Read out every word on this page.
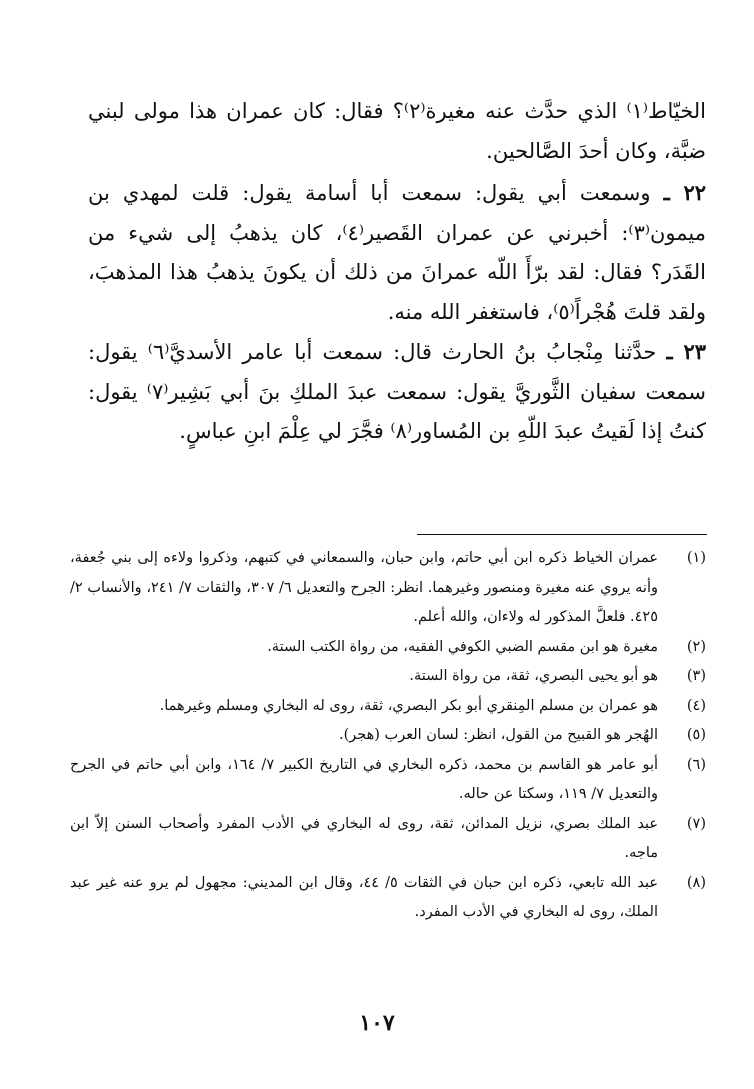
الخيّاط⁽١⁾ الذي حدَّث عنه مغيرة⁽٢⁾؟ فقال: كان عمران هذا مولى لبني ضبَّة، وكان أحدَ الصَّالحين.

٢٢ ـ وسمعت أبي يقول: سمعت أبا أسامة يقول: قلت لمهدي بن ميمون⁽٣⁾: أخبرني عن عمران القَصير⁽٤⁾، كان يذهبُ إلى شيء من القَدَر؟ فقال: لقد برّأَ اللّه عمرانَ من ذلك أن يكونَ يذهبُ هذا المذهبَ، ولقد قلتَ هُجْراً⁽٥⁾، فاستغفر الله منه.

٢٣ ـ حدَّثنا مِنْجابُ بنُ الحارث قال: سمعت أبا عامر الأسديَّ⁽٦⁾ يقول: سمعت سفيان الثَّوريَّ يقول: سمعت عبدَ الملكِ بنَ أبي بَشِير⁽٧⁾ يقول: كنتُ إذا لَقيتُ عبدَ اللّهِ بن المُساور⁽٨⁾ فجَّرَ لي عِلْمَ ابنِ عباسٍ.

(١)
عمران الخياط ذكره ابن أبي حاتم، وابن حبان، والسمعاني في كتبهم، وذكروا ولاءه إلى بني جُعفة، وأنه يروي عنه مغيرة ومنصور وغيرهما. انظر: الجرح والتعديل ٦/ ٣٠٧، والثقات ٧/ ٢٤١، والأنساب ٢/ ٤٢٥. فلعلَّ المذكور له ولاءان، والله أعلم.

(٢)
مغيرة هو ابن مقسم الضبي الكوفي الفقيه، من رواة الكتب الستة.

(٣)
هو أبو يحيى البصري، ثقة، من رواة الستة.

(٤)
هو عمران بن مسلم المِنقري أبو بكر البصري، ثقة، روى له البخاري ومسلم وغيرهما.

(٥)
الهُجر هو القبيح من القول، انظر: لسان العرب (هجر).

(٦)
أبو عامر هو القاسم بن محمد، ذكره البخاري في التاريخ الكبير ٧/ ١٦٤، وابن أبي حاتم في الجرح والتعديل ٧/ ١١٩، وسكتا عن حاله.

(٧)
عبد الملك بصري، نزيل المدائن، ثقة، روى له البخاري في الأدب المفرد وأصحاب السنن إلاّ ابن ماجه.

(٨)
عبد الله تابعي، ذكره ابن حبان في الثقات ٥/ ٤٤، وقال ابن المديني: مجهول لم يرو عنه غير عبد الملك، روى له البخاري في الأدب المفرد.

١٠٧
